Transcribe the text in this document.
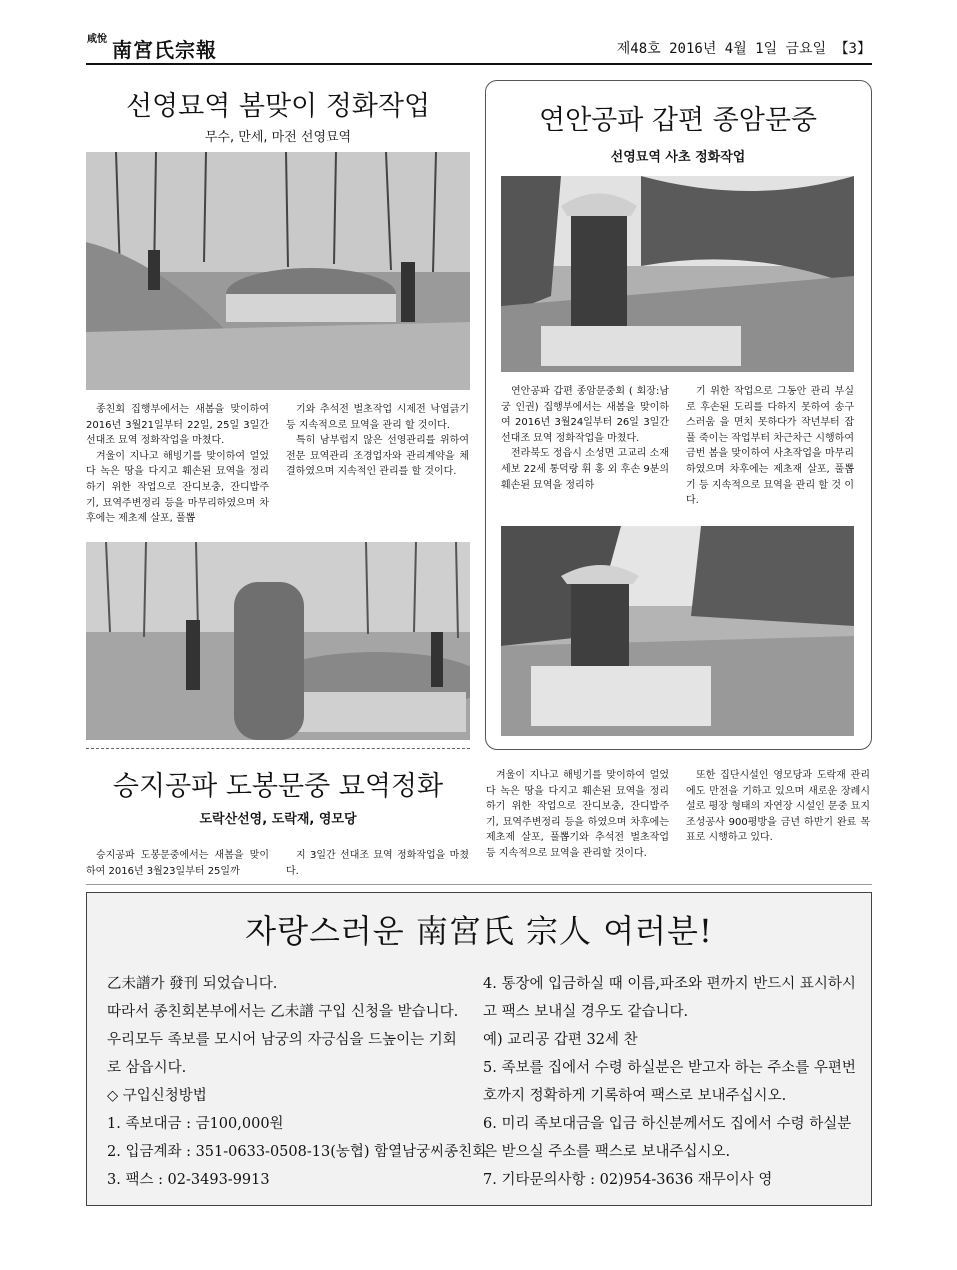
咸悅 南宮氏宗報	제48호 2016년 4월 1일 금요일 【3】
선영묘역 봄맞이 정화작업
무수, 만세, 마전 선영묘역

종친회 집행부에서는 새봄을 맞이하여 2016년 3월21일부터 22일, 25일 3일간 선대조 묘역 정화작업을 마쳤다.
겨울이 지나고 해빙기를 맞이하여 얼었다 녹은 땅을 다지고 훼손된 묘역을 정리하기 위한 작업으로 잔디보충, 잔디밥주기, 묘역주변정리 등을 마무리하였으며 차후에는 제초제 살포, 풀뽑

기와 추석전 벌초작업 시제전 낙엽긁기 등 지속적으로 묘역을 관리 할 것이다.
특히 남부럽지 않은 선영관리를 위하여 전문 묘역관리 조경업자와 관리계약을 체결하였으며 지속적인 관리를 할 것이다.

연안공파 갑편 종암문중
선영묘역 사초 정화작업

연안공파 갑편 종암문중회 ( 회장:남궁 인권) 집행부에서는 새봄을 맞이하여 2016년 3월24일부터 26일 3일간 선대조 묘역 정화작업을 마쳤다.
전라북도 정읍시 소성면 고교리 소재 세보 22세 통덕랑 휘 홍 외 후손 9분의 훼손된 묘역을 정리하

기 위한 작업으로 그동안 관리 부실로 후손된 도리를 다하지 못하여 송구스러움 을 면치 못하다가 작년부터 잡풀 죽이는 작업부터 차근차근 시행하여 금번 봄을 맞이하여 사초작업을 마무리 하였으며 차후에는 제초재 살포, 풀뽑기 등 지속적으로 묘역을 관리 할 것 이다.

승지공파 도봉문중 묘역정화
도락산선영, 도락재, 영모당

승지공파 도봉문중에서는 새봄을 맞이하여 2016년 3월23일부터 25일까

지 3일간 선대조 묘역 정화작업을 마쳤다.

겨울이 지나고 해빙기를 맞이하여 얼었다 녹은 땅을 다지고 훼손된 묘역을 정리하기 위한 작업으로 잔디보충, 잔디밥주기, 묘역주변정리 등을 하였으며 차후에는 제초제 살포, 풀뽑기와 추석전 벌초작업 등 지속적으로 묘역을 관리할 것이다.

또한 집단시설인 영모당과 도락재 관리에도 만전을 기하고 있으며 새로운 장례시설로 평장 형태의 자연장 시설인 문중 묘지 조성공사 900평방을 금년 하반기 완료 목표로 시행하고 있다.

자랑스러운 南宮氏 宗人 여러분!
乙未譜가 發刊 되었습니다.
따라서 종친회본부에서는 乙未譜 구입 신청을 받습니다.
우리모두 족보를 모시어 남궁의 자긍심을 드높이는 기회
로 삼읍시다.
◇ 구입신청방법
1. 족보대금 : 금100,000원
2. 입금계좌 : 351-0633-0508-13(농협) 함열남궁씨종친회
3. 팩스 : 02-3493-9913
4. 통장에 입금하실 때 이름,파조와 편까지 반드시 표시하시
고 팩스 보내실 경우도 같습니다.
예) 교리공 갑편 32세 찬
5. 족보를 집에서 수령 하실분은 받고자 하는 주소를 우편번
호까지 정확하게 기록하여 팩스로 보내주십시오.
6. 미리 족보대금을 입금 하신분께서도 집에서 수령 하실분
은 받으실 주소를 팩스로 보내주십시오.
7. 기타문의사항 : 02)954-3636 재무이사 영
